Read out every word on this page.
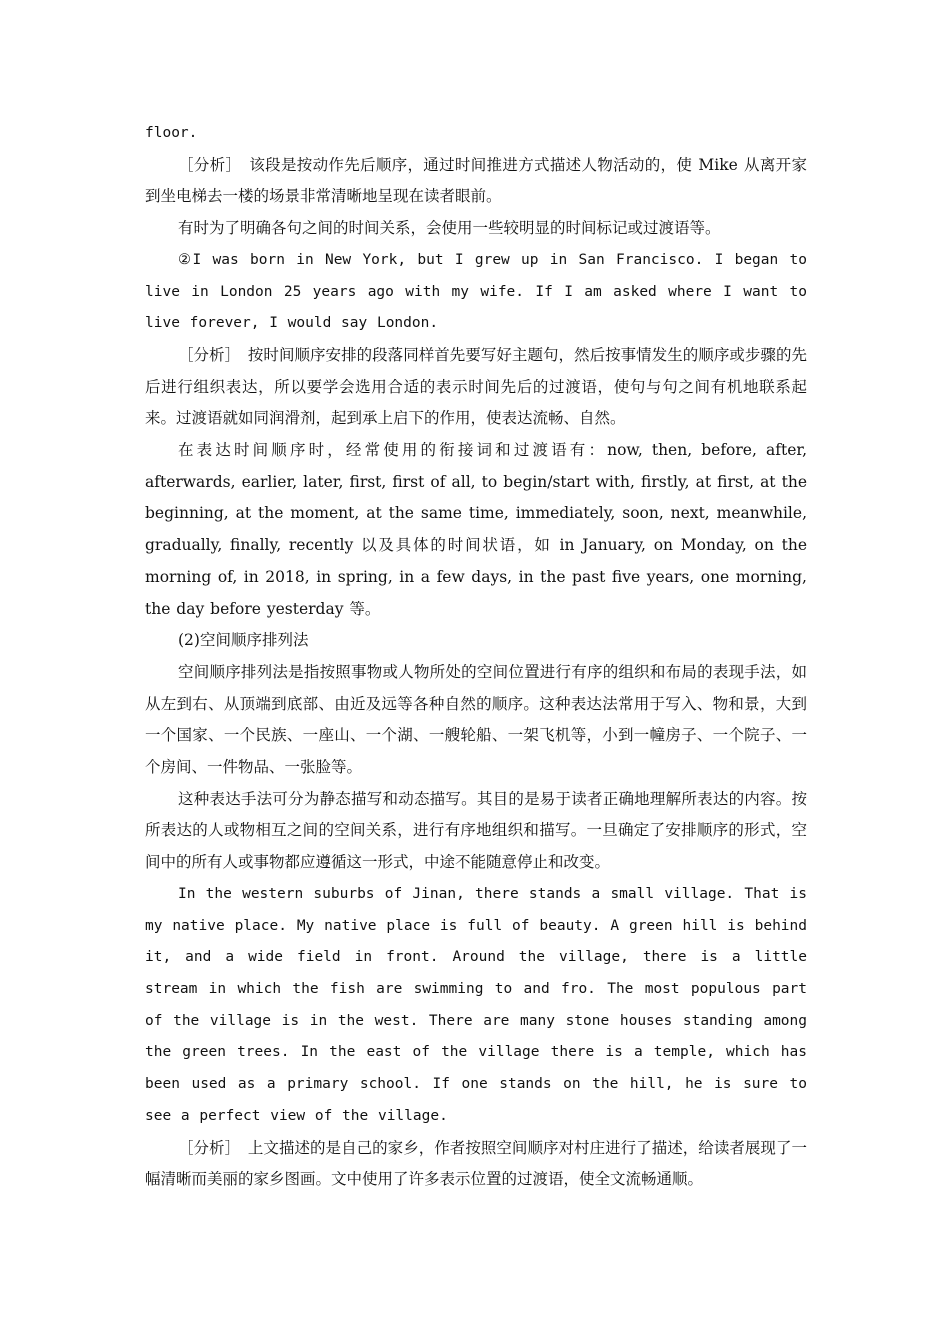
floor.

［分析］　该段是按动作先后顺序，通过时间推进方式描述人物活动的，使 Mike 从离开家到坐电梯去一楼的场景非常清晰地呈现在读者眼前。

有时为了明确各句之间的时间关系，会使用一些较明显的时间标记或过渡语等。

②I was born in New York, but I grew up in San Francisco. I began to live in London 25 years ago with my wife. If I am asked where I want to live forever, I would say London.

［分析］　按时间顺序安排的段落同样首先要写好主题句，然后按事情发生的顺序或步骤的先后进行组织表达，所以要学会选用合适的表示时间先后的过渡语，使句与句之间有机地联系起来。过渡语就如同润滑剂，起到承上启下的作用，使表达流畅、自然。

在表达时间顺序时，经常使用的衔接词和过渡语有：now, then, before, after, afterwards, earlier, later, first, first of all, to begin/start with, firstly, at first, at the beginning, at the moment, at the same time, immediately, soon, next, meanwhile, gradually, finally, recently 以及具体的时间状语，如 in January, on Monday, on the morning of, in 2018, in spring, in a few days, in the past five years, one morning, the day before yesterday 等。

(2)空间顺序排列法

空间顺序排列法是指按照事物或人物所处的空间位置进行有序的组织和布局的表现手法，如从左到右、从顶端到底部、由近及远等各种自然的顺序。这种表达法常用于写入、物和景，大到一个国家、一个民族、一座山、一个湖、一艘轮船、一架飞机等，小到一幢房子、一个院子、一个房间、一件物品、一张脸等。

这种表达手法可分为静态描写和动态描写。其目的是易于读者正确地理解所表达的内容。按所表达的人或物相互之间的空间关系，进行有序地组织和描写。一旦确定了安排顺序的形式，空间中的所有人或事物都应遵循这一形式，中途不能随意停止和改变。

In the western suburbs of Jinan, there stands a small village. That is my native place. My native place is full of beauty. A green hill is behind it, and a wide field in front. Around the village, there is a little stream in which the fish are swimming to and fro. The most populous part of the village is in the west. There are many stone houses standing among the green trees. In the east of the village there is a temple, which has been used as a primary school. If one stands on the hill, he is sure to see a perfect view of the village.

［分析］　上文描述的是自己的家乡，作者按照空间顺序对村庄进行了描述，给读者展现了一幅清晰而美丽的家乡图画。文中使用了许多表示位置的过渡语，使全文流畅通顺。
